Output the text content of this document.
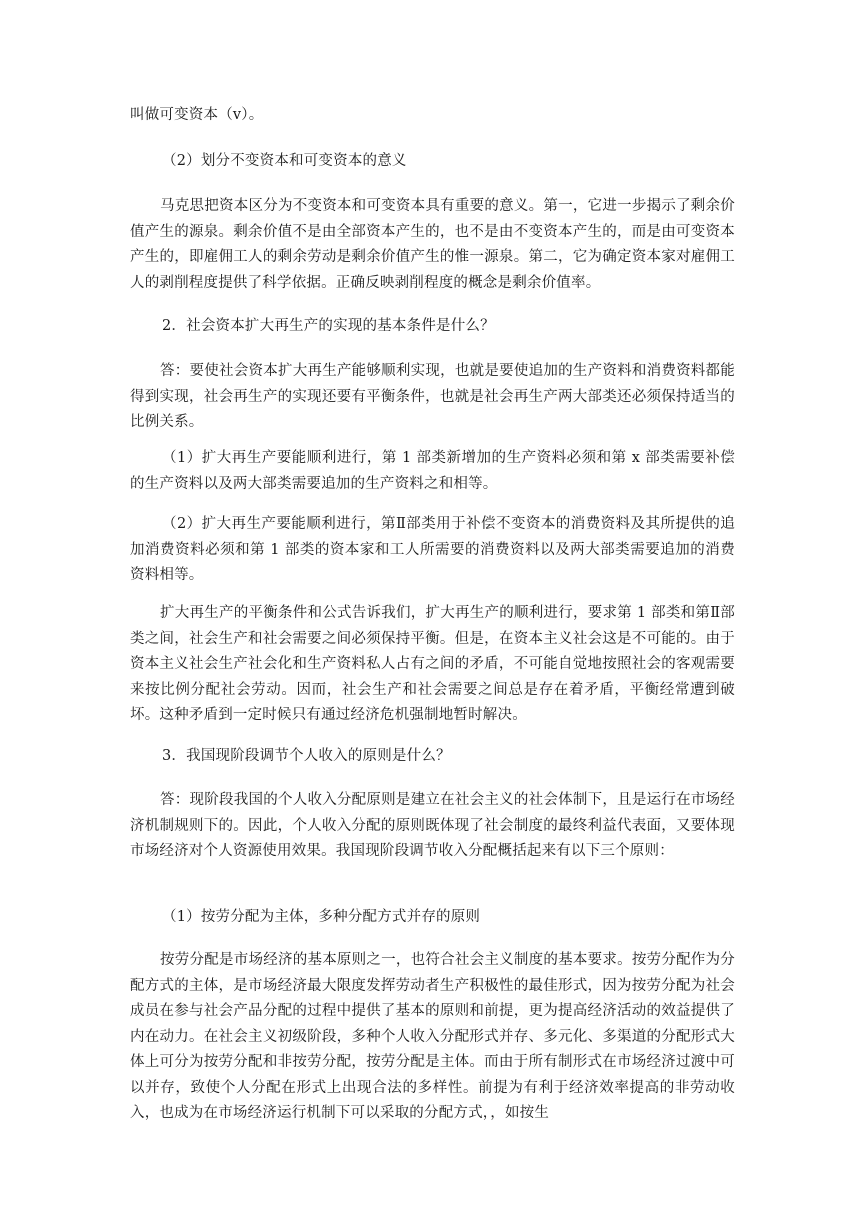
叫做可变资本（v）。

（2）划分不变资本和可变资本的意义

马克思把资本区分为不变资本和可变资本具有重要的意义。第一，它进一步揭示了剩余价值产生的源泉。剩余价值不是由全部资本产生的，也不是由不变资本产生的，而是由可变资本产生的，即雇佣工人的剩余劳动是剩余价值产生的惟一源泉。第二，它为确定资本家对雇佣工人的剥削程度提供了科学依据。正确反映剥削程度的概念是剩余价值率。

2．社会资本扩大再生产的实现的基本条件是什么？

答：要使社会资本扩大再生产能够顺利实现，也就是要使追加的生产资料和消费资料都能得到实现，社会再生产的实现还要有平衡条件，也就是社会再生产两大部类还必须保持适当的比例关系。

（1）扩大再生产要能顺利进行，第 1 部类新增加的生产资料必须和第 x 部类需要补偿的生产资料以及两大部类需要追加的生产资料之和相等。

（2）扩大再生产要能顺利进行，第Ⅱ部类用于补偿不变资本的消费资料及其所提供的追加消费资料必须和第 1 部类的资本家和工人所需要的消费资料以及两大部类需要追加的消费资料相等。

扩大再生产的平衡条件和公式告诉我们，扩大再生产的顺利进行，要求第 1 部类和第Ⅱ部类之间，社会生产和社会需要之间必须保持平衡。但是，在资本主义社会这是不可能的。由于资本主义社会生产社会化和生产资料私人占有之间的矛盾，不可能自觉地按照社会的客观需要来按比例分配社会劳动。因而，社会生产和社会需要之间总是存在着矛盾，平衡经常遭到破坏。这种矛盾到一定时候只有通过经济危机强制地暂时解决。

3．我国现阶段调节个人收入的原则是什么？

答：现阶段我国的个人收入分配原则是建立在社会主义的社会体制下，且是运行在市场经济机制规则下的。因此，个人收入分配的原则既体现了社会制度的最终利益代表面，又要体现市场经济对个人资源使用效果。我国现阶段调节收入分配概括起来有以下三个原则：

（1）按劳分配为主体，多种分配方式并存的原则

按劳分配是市场经济的基本原则之一，也符合社会主义制度的基本要求。按劳分配作为分配方式的主体，是市场经济最大限度发挥劳动者生产积极性的最佳形式，因为按劳分配为社会成员在参与社会产品分配的过程中提供了基本的原则和前提，更为提高经济活动的效益提供了内在动力。在社会主义初级阶段，多种个人收入分配形式并存、多元化、多渠道的分配形式大体上可分为按劳分配和非按劳分配，按劳分配是主体。而由于所有制形式在市场经济过渡中可以并存，致使个人分配在形式上出现合法的多样性。前提为有利于经济效率提高的非劳动收入，也成为在市场经济运行机制下可以采取的分配方式，，如按生
